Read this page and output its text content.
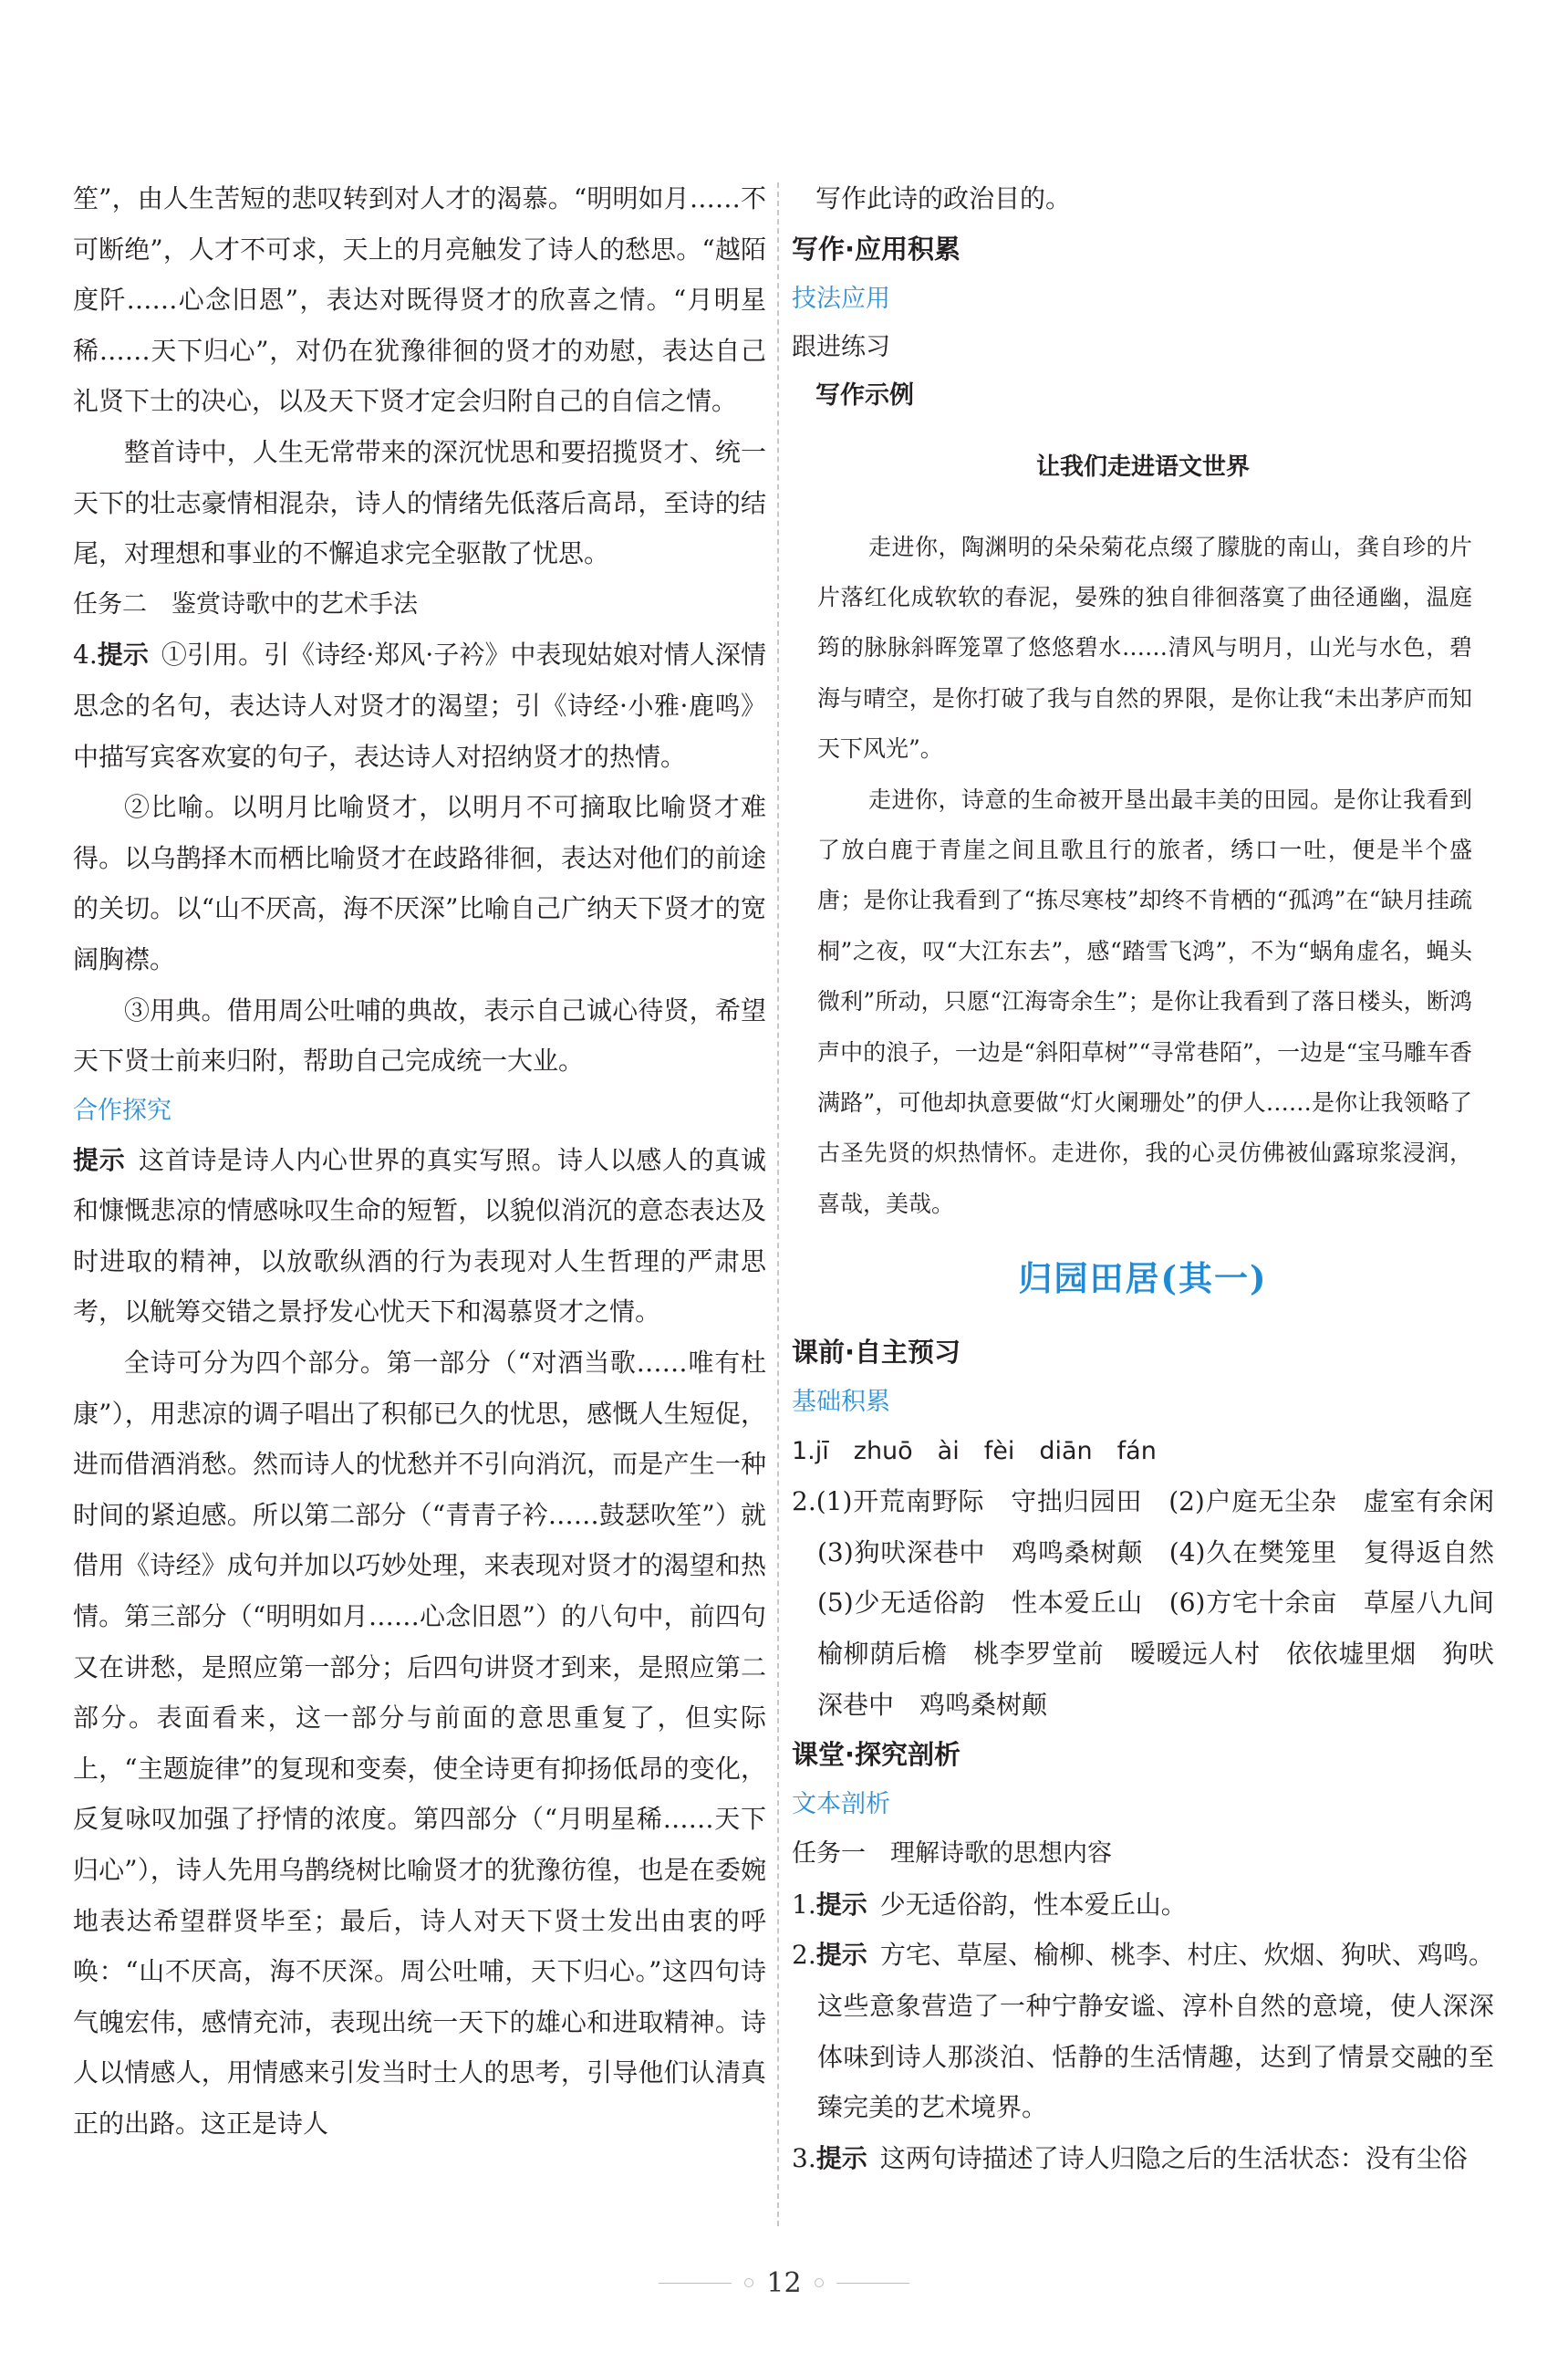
笙”，由人生苦短的悲叹转到对人才的渴慕。“明明如月……不可断绝”，人才不可求，天上的月亮触发了诗人的愁思。“越陌度阡……心念旧恩”，表达对既得贤才的欣喜之情。“月明星稀……天下归心”，对仍在犹豫徘徊的贤才的劝慰，表达自己礼贤下士的决心，以及天下贤才定会归附自己的自信之情。

整首诗中，人生无常带来的深沉忧思和要招揽贤才、统一天下的壮志豪情相混杂，诗人的情绪先低落后高昂，至诗的结尾，对理想和事业的不懈追求完全驱散了忧思。

任务二　鉴赏诗歌中的艺术手法

4.提示  ①引用。引《诗经·郑风·子衿》中表现姑娘对情人深情思念的名句，表达诗人对贤才的渴望；引《诗经·小雅·鹿鸣》中描写宾客欢宴的句子，表达诗人对招纳贤才的热情。

②比喻。以明月比喻贤才，以明月不可摘取比喻贤才难得。以乌鹊择木而栖比喻贤才在歧路徘徊，表达对他们的前途的关切。以“山不厌高，海不厌深”比喻自己广纳天下贤才的宽阔胸襟。

③用典。借用周公吐哺的典故，表示自己诚心待贤，希望天下贤士前来归附，帮助自己完成统一大业。

合作探究

提示  这首诗是诗人内心世界的真实写照。诗人以感人的真诚和慷慨悲凉的情感咏叹生命的短暂，以貌似消沉的意态表达及时进取的精神，以放歌纵酒的行为表现对人生哲理的严肃思考，以觥筹交错之景抒发心忧天下和渴慕贤才之情。

全诗可分为四个部分。第一部分（“对酒当歌……唯有杜康”），用悲凉的调子唱出了积郁已久的忧思，感慨人生短促，进而借酒消愁。然而诗人的忧愁并不引向消沉，而是产生一种时间的紧迫感。所以第二部分（“青青子衿……鼓瑟吹笙”）就借用《诗经》成句并加以巧妙处理，来表现对贤才的渴望和热情。第三部分（“明明如月……心念旧恩”）的八句中，前四句又在讲愁，是照应第一部分；后四句讲贤才到来，是照应第二部分。表面看来，这一部分与前面的意思重复了，但实际上，“主题旋律”的复现和变奏，使全诗更有抑扬低昂的变化，反复咏叹加强了抒情的浓度。第四部分（“月明星稀……天下归心”），诗人先用乌鹊绕树比喻贤才的犹豫彷徨，也是在委婉地表达希望群贤毕至；最后，诗人对天下贤士发出由衷的呼唤：“山不厌高，海不厌深。周公吐哺，天下归心。”这四句诗气魄宏伟，感情充沛，表现出统一天下的雄心和进取精神。诗人以情感人，用情感来引发当时士人的思考，引导他们认清真正的出路。这正是诗人

写作此诗的政治目的。

写作·应用积累

技法应用

跟进练习

写作示例

让我们走进语文世界

走进你，陶渊明的朵朵菊花点缀了朦胧的南山，龚自珍的片片落红化成软软的春泥，晏殊的独自徘徊落寞了曲径通幽，温庭筠的脉脉斜晖笼罩了悠悠碧水……清风与明月，山光与水色，碧海与晴空，是你打破了我与自然的界限，是你让我“未出茅庐而知天下风光”。

走进你，诗意的生命被开垦出最丰美的田园。是你让我看到了放白鹿于青崖之间且歌且行的旅者，绣口一吐，便是半个盛唐；是你让我看到了“拣尽寒枝”却终不肯栖的“孤鸿”在“缺月挂疏桐”之夜，叹“大江东去”，感“踏雪飞鸿”，不为“蜗角虚名，蝇头微利”所动，只愿“江海寄余生”；是你让我看到了落日楼头，断鸿声中的浪子，一边是“斜阳草树”“寻常巷陌”，一边是“宝马雕车香满路”，可他却执意要做“灯火阑珊处”的伊人……是你让我领略了古圣先贤的炽热情怀。走进你，我的心灵仿佛被仙露琼浆浸润，喜哉，美哉。

归园田居(其一)

课前·自主预习

基础积累

1.jī　zhuō　ài　fèi　diān　fán

2.(1)开荒南野际　守拙归园田　(2)户庭无尘杂　虚室有余闲　(3)狗吠深巷中　鸡鸣桑树颠　(4)久在樊笼里　复得返自然　(5)少无适俗韵　性本爱丘山　(6)方宅十余亩　草屋八九间　榆柳荫后檐　桃李罗堂前　暧暧远人村　依依墟里烟　狗吠深巷中　鸡鸣桑树颠

课堂·探究剖析

文本剖析

任务一　理解诗歌的思想内容

1.提示  少无适俗韵，性本爱丘山。

2.提示  方宅、草屋、榆柳、桃李、村庄、炊烟、狗吠、鸡鸣。这些意象营造了一种宁静安谧、淳朴自然的意境，使人深深体味到诗人那淡泊、恬静的生活情趣，达到了情景交融的至臻完美的艺术境界。

3.提示  这两句诗描述了诗人归隐之后的生活状态：没有尘俗

12
